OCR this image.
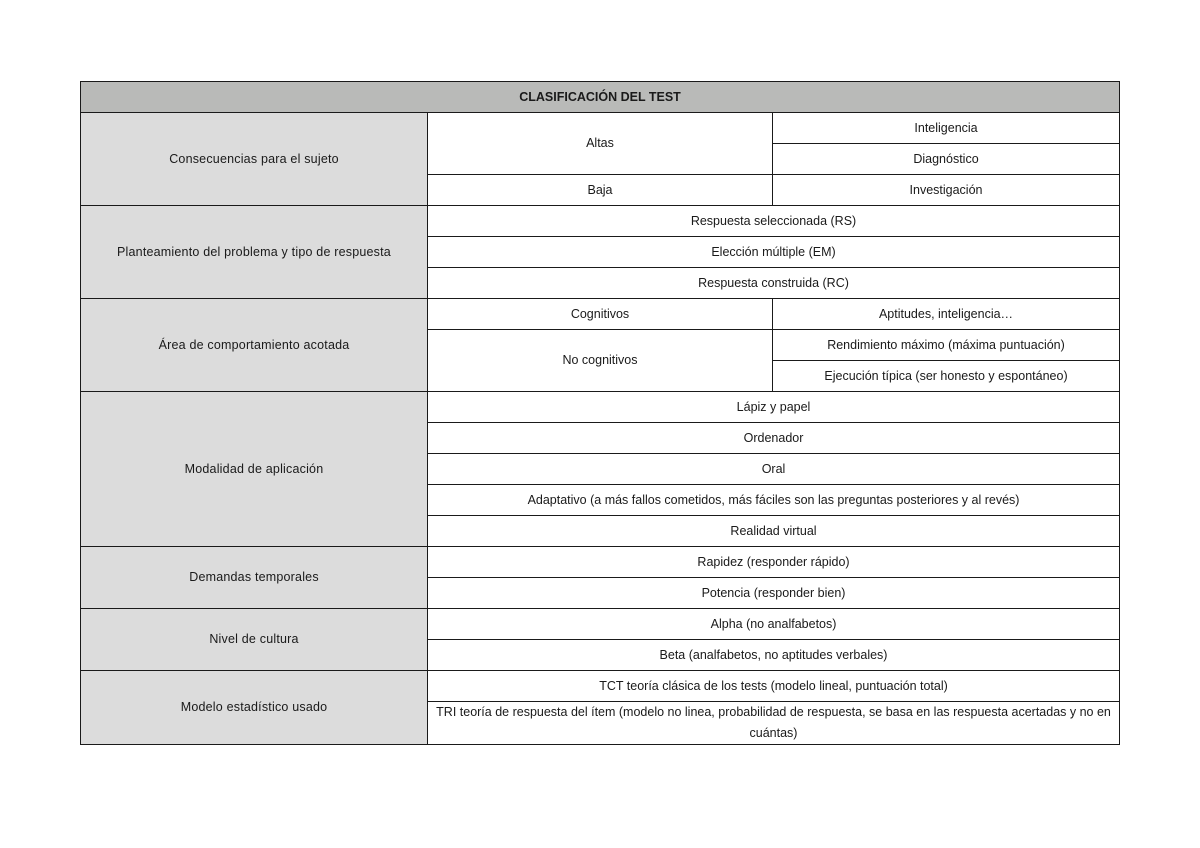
CLASIFICACIÓN DEL TEST		
Consecuencias para el sujeto	Altas	Inteligencia
		Diagnóstico
	Baja	Investigación
Planteamiento del problema y tipo de respuesta	Respuesta seleccionada (RS)	
	Elección múltiple (EM)	
	Respuesta construida (RC)	
Área de comportamiento acotada	Cognitivos	Aptitudes, inteligencia…
	No cognitivos	Rendimiento máximo (máxima puntuación)
		Ejecución típica (ser honesto y espontáneo)
Modalidad de aplicación	Lápiz y papel	
	Ordenador	
	Oral	
	Adaptativo (a más fallos cometidos, más fáciles son las preguntas posteriores y al revés)	
	Realidad virtual	
Demandas temporales	Rapidez (responder rápido)	
	Potencia (responder bien)	
Nivel de cultura	Alpha (no analfabetos)	
	Beta (analfabetos, no aptitudes verbales)	
Modelo estadístico usado	TCT teoría clásica de los tests (modelo lineal, puntuación total)	
	TRI teoría de respuesta del ítem (modelo no linea, probabilidad de respuesta, se basa en las respuesta acertadas y no en cuántas)	
